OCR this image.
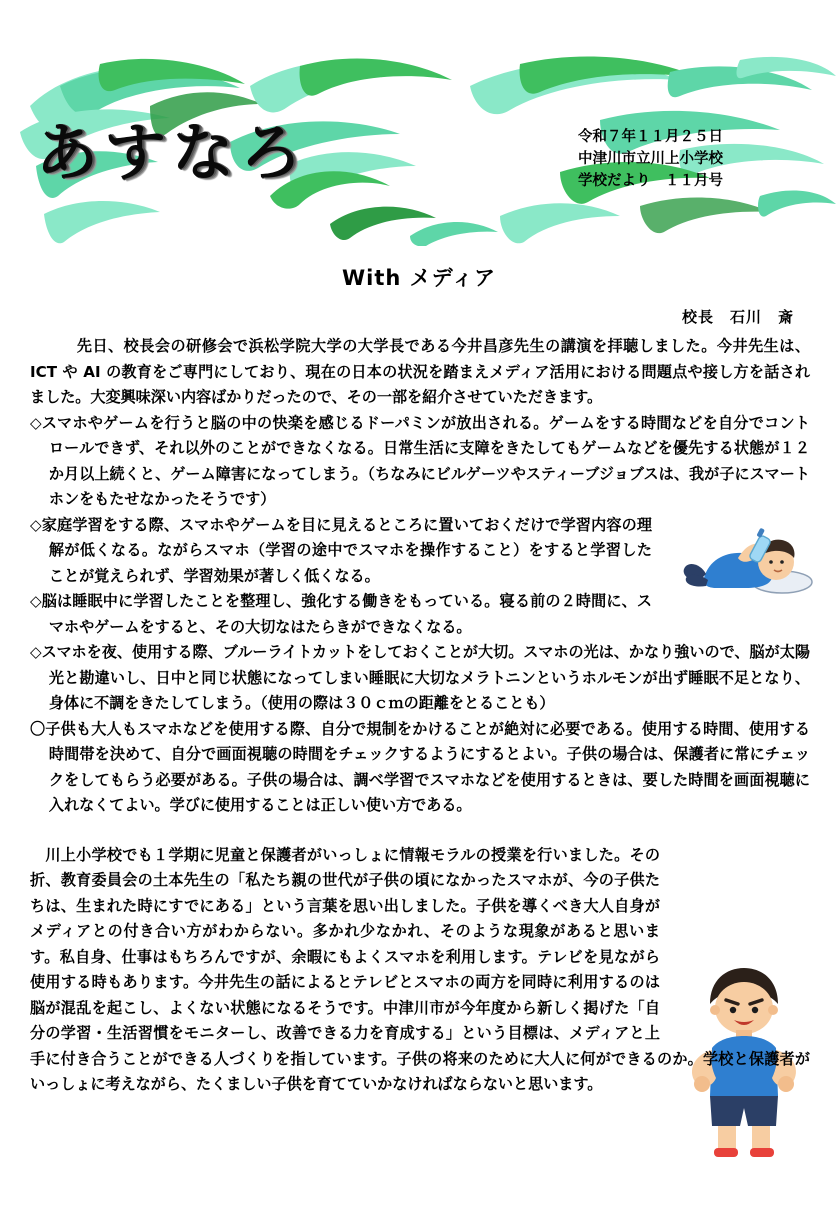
あすなろ	令和７年１１月２５日
中津川市立川上小学校
学校だより　１１月号
With メディア
校長　石川　斎

　　　先日、校長会の研修会で浜松学院大学の大学長である今井昌彦先生の講演を拝聴しました。今井先生は、ICT や AI の教育をご専門にしており、現在の日本の状況を踏まえメディア活用における問題点や接し方を話されました。大変興味深い内容ばかりだったので、その一部を紹介させていただきます。

◇スマホやゲームを行うと脳の中の快楽を感じるドーパミンが放出される。ゲームをする時間などを自分でコントロールできず、それ以外のことができなくなる。日常生活に支障をきたしてもゲームなどを優先する状態が１２か月以上続くと、ゲーム障害になってしまう。（ちなみにビルゲーツやスティーブジョブスは、我が子にスマートホンをもたせなかったそうです）

◇家庭学習をする際、スマホやゲームを目に見えるところに置いておくだけで学習内容の理解が低くなる。ながらスマホ（学習の途中でスマホを操作すること）をすると学習したことが覚えられず、学習効果が著しく低くなる。

◇脳は睡眠中に学習したことを整理し、強化する働きをもっている。寝る前の２時間に、スマホやゲームをすると、その大切なはたらきができなくなる。

◇スマホを夜、使用する際、ブルーライトカットをしておくことが大切。スマホの光は、かなり強いので、脳が太陽光と勘違いし、日中と同じ状態になってしまい睡眠に大切なメラトニンというホルモンが出ず睡眠不足となり、身体に不調をきたしてしまう。（使用の際は３０ｃｍの距離をとることも）

〇子供も大人もスマホなどを使用する際、自分で規制をかけることが絶対に必要である。使用する時間、使用する時間帯を決めて、自分で画面視聴の時間をチェックするようにするとよい。子供の場合は、保護者に常にチェックをしてもらう必要がある。子供の場合は、調べ学習でスマホなどを使用するときは、要した時間を画面視聴に入れなくてよい。学びに使用することは正しい使い方である。

　川上小学校でも１学期に児童と保護者がいっしょに情報モラルの授業を行いました。その折、教育委員会の土本先生の「私たち親の世代が子供の頃になかったスマホが、今の子供たちは、生まれた時にすでにある」という言葉を思い出しました。子供を導くべき大人自身がメディアとの付き合い方がわからない。多かれ少なかれ、そのような現象があると思います。私自身、仕事はもちろんですが、余暇にもよくスマホを利用します。テレビを見ながら使用する時もあります。今井先生の話によるとテレビとスマホの両方を同時に利用するのは脳が混乱を起こし、よくない状態になるそうです。中津川市が今年度から新しく掲げた「自分の学習・生活習慣をモニターし、改善できる力を育成する」という目標は、メディアと上手に付き合うことができる人づくりを指しています。子供の将来のために大人に何ができるのか。学校と保護者がいっしょに考えながら、たくましい子供を育てていかなければならないと思います。
